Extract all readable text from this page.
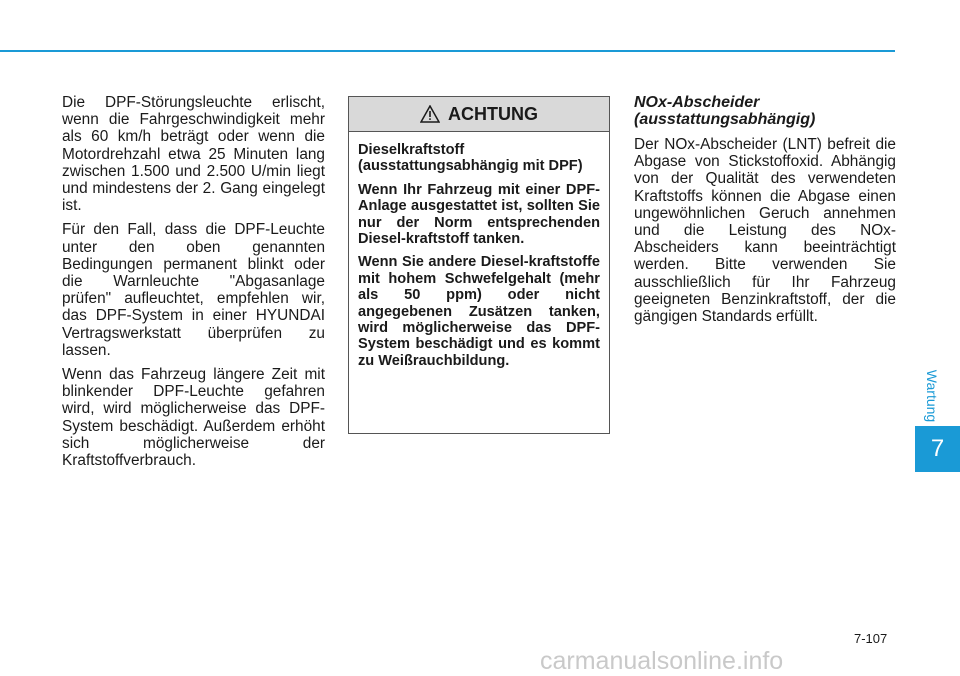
Die DPF-Störungsleuchte erlischt, wenn die Fahrgeschwindigkeit mehr als 60 km/h beträgt oder wenn die Motordrehzahl etwa 25 Minuten lang zwischen 1.500 und 2.500 U/min liegt und mindestens der 2. Gang eingelegt ist.

Für den Fall, dass die DPF-Leuchte unter den oben genannten Bedingungen permanent blinkt oder die Warnleuchte "Abgasanlage prüfen" aufleuchtet, empfehlen wir, das DPF-System in einer HYUNDAI Vertragswerkstatt überprüfen zu lassen.

Wenn das Fahrzeug längere Zeit mit blinkender DPF-Leuchte gefahren wird, wird möglicherweise das DPF-System beschädigt. Außerdem erhöht sich möglicherweise der Kraftstoffverbrauch.

ACHTUNG

Dieselkraftstoff (ausstattungsabhängig mit DPF)

Wenn Ihr Fahrzeug mit einer DPF-Anlage ausgestattet ist, sollten Sie nur der Norm entsprechenden Diesel-kraftstoff tanken.

Wenn Sie andere Diesel-kraftstoffe mit hohem Schwefelgehalt (mehr als 50 ppm) oder nicht angegebenen Zusätzen tanken, wird möglicherweise das DPF-System beschädigt und es kommt zu Weißrauchbildung.

NOx-Abscheider (ausstattungsabhängig)

Der NOx-Abscheider (LNT) befreit die Abgase von Stickstoffoxid. Abhängig von der Qualität des verwendeten Kraftstoffs können die Abgase einen ungewöhnlichen Geruch annehmen und die Leistung des NOx-Abscheiders kann beeinträchtigt werden. Bitte verwenden Sie ausschließlich für Ihr Fahrzeug geeigneten Benzinkraftstoff, der die gängigen Standards erfüllt.

Wartung
7
7-107
carmanualsonline.info
